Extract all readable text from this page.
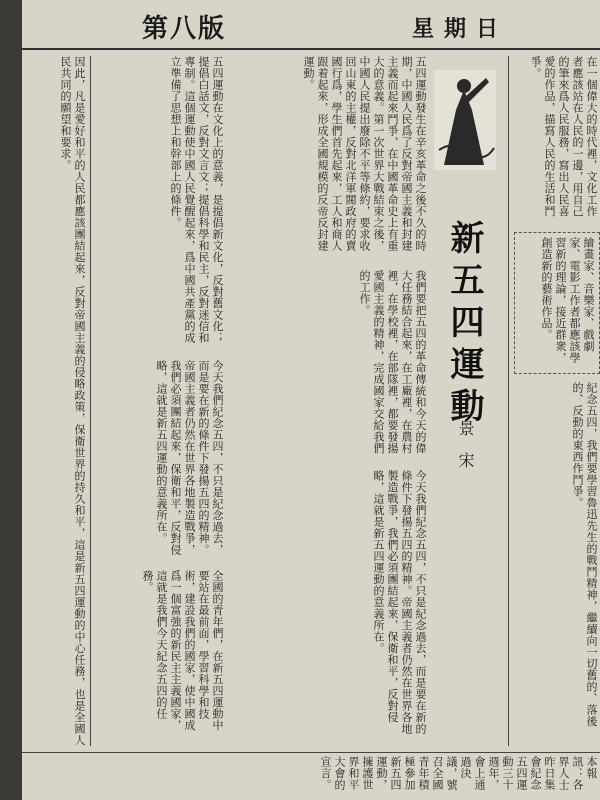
第八版	星期日
因此，凡是愛好和平的人民都應該團結起來，反對帝國主義的侵略政策，保衛世界的持久和平，這是新五四運動的中心任務，也是全國人民共同的願望和要求。	五四運動在文化上的意義，是提倡新文化，反對舊文化；提倡白話文，反對文言文；提倡科學和民主，反對迷信和專制。這個運動使中國人民覺醒起來，爲中國共產黨的成立準備了思想上和幹部上的條件。
今天我們紀念五四，不只是紀念過去，而是要在新的條件下發揚五四的精神。帝國主義者仍然在世界各地製造戰爭，我們必須團結起來，保衛和平，反對侵略，這就是新五四運動的意義所在。
全國的青年們，在新五四運動中要站在最前面，學習科學和技術，建設我們的國家，使中國成爲一個富強的新民主主義國家，這就是我們今天紀念五四的任務。
五四運動發生在辛亥革命之後不久的時期，中國人民爲了反對帝國主義和封建主義而起來鬥爭，在中國革命史上有重大的意義。第一次世界大戰結束之後，中國人民提出廢除不平等條約，要求收回山東的主權，反對北洋軍閥政府的賣國行爲，學生們首先起來，工人和商人跟着起來，形成全國規模的反帝反封建運動。
我們要把五四的革命傳統和今天的偉大任務結合起來，在工廠裡，在農村裡，在學校裡，在部隊裡，都要發揚愛國主義的精神，完成國家交給我們的工作。
今天我們紀念五四，不只是紀念過去，而是要在新的條件下發揚五四的精神。帝國主義者仍然在世界各地製造戰爭，我們必須團結起來，保衛和平，反對侵略，這就是新五四運動的意義所在。
新五四運動
景宋
在一個偉大的時代裡，文化工作者應該站在人民的一邊，用自己的筆來爲人民服務，寫出人民喜愛的作品，描寫人民的生活和鬥爭。
繪畫家、音樂家、戲劇家、電影工作者都應該學習新的理論，接近群衆，創造新的藝術作品。
紀念五四，我們要學習魯迅先生的戰鬥精神，繼續向一切舊的、落後的、反動的東西作鬥爭。
本報訊：各界人士昨日集會紀念五四運動三十週年，會上通過決議，號召全國青年積極參加新五四運動，擁護世界和平大會的宣言。
